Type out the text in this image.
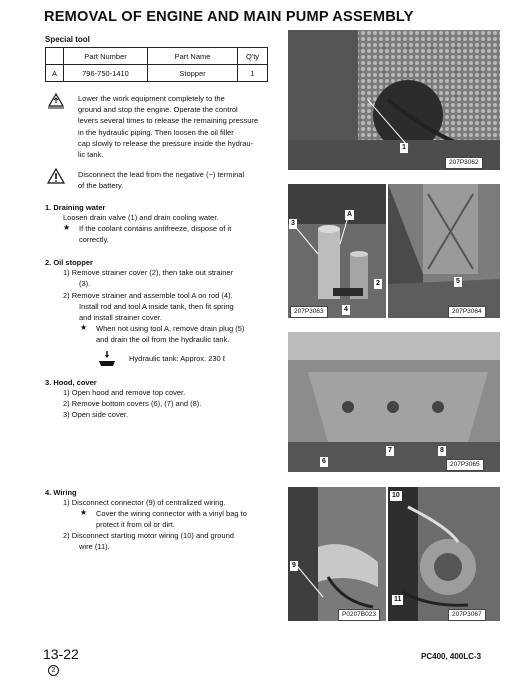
REMOVAL OF ENGINE AND MAIN PUMP ASSEMBLY
Special tool
	Part Number	Part Name	Q'ty
A	796-750-1410	Stopper	1
Lower the work equipment completely to the
ground and stop the engine. Operate the control
levers several times to release the remaining pressure
in the hydraulic piping. Then loosen the oil filler
cap slowly to release the pressure inside the hydrau-
lic tank.
Disconnect the lead from the negative (−) terminal
of the battery.
1. Draining water
Loosen drain valve (1) and drain cooling water.
★ If the coolant contains antifreeze, dispose of it
correctly.
2. Oil stopper
1) Remove strainer cover (2), then take out strainer
(3).
2) Remove strainer and assemble tool A on rod (4).
Install rod and tool A inside tank, then fit spring
and install strainer cover.
★ When not using tool A, remove drain plug (5)
and drain the oil from the hydraulic tank.
Hydraulic tank: Approx. 230 ℓ
3. Hood, cover
1) Open hood and remove top cover.
2) Remove bottom covers (6), (7) and (8).
3) Open side cover.
4. Wiring
1) Disconnect connector (9) of centralized wiring.
★ Cover the wiring connector with a vinyl bag to
protect it from oil or dirt.
2) Disconnect starting motor wiring (10) and ground
wire (11).
1
207P3062
3
A
2
4
207P3063
5
207P3064
6
7	8
207P3065
9
P0207B023
10
11
207P3067
13-22
2
PC400, 400LC-3
